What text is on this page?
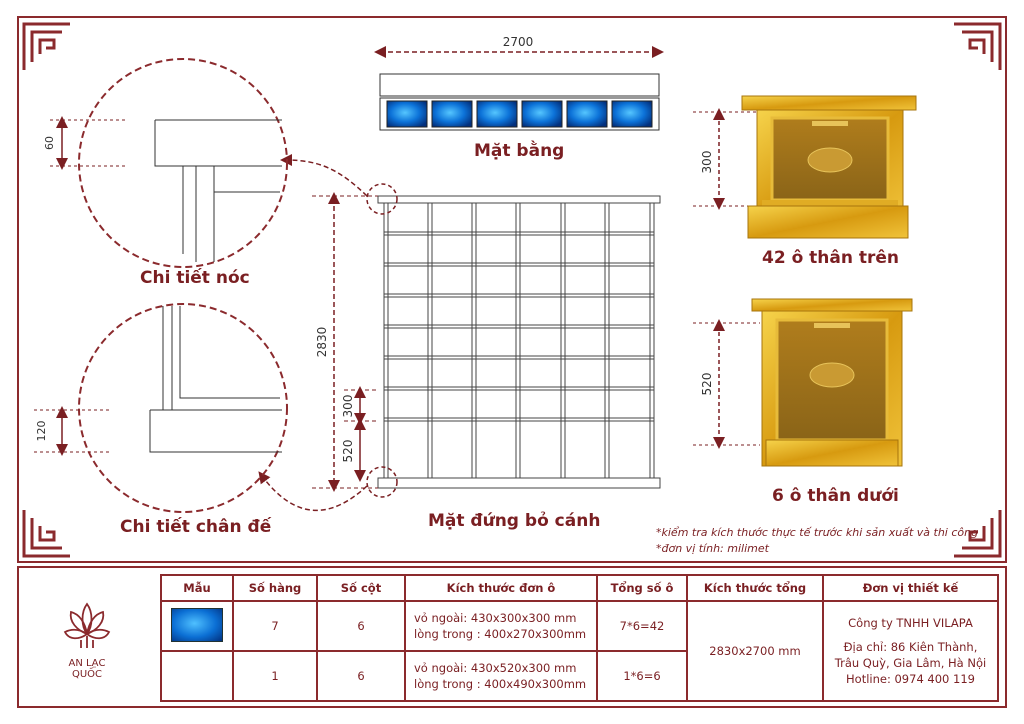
2700
2830
300
520
60
120
300
520
Mặt bằng
Mặt đứng bỏ cánh
Chi tiết nóc
Chi tiết chân đế
42 ô thân trên
6 ô thân dưới
*kiểm tra kích thước thực tế trước khi sản xuất và thi công
*đơn vị tính: milimet
AN LẠC QUỐC
Mẫu	Số hàng	Số cột	Kích thước đơn ô	Tổng số ô	Kích thước tổng	Đơn vị thiết kế
	7	6	vỏ ngoài: 430x300x300 mm
lòng trong : 400x270x300mm	7*6=42	2830x2700 mm	Công ty TNHH VILAPA
Địa chỉ: 86 Kiên Thành, Trâu Quỳ, Gia Lâm, Hà Nội
Hotline: 0974 400 119

	1	6	vỏ ngoài: 430x520x300 mm
lòng trong : 400x490x300mm	1*6=6		
